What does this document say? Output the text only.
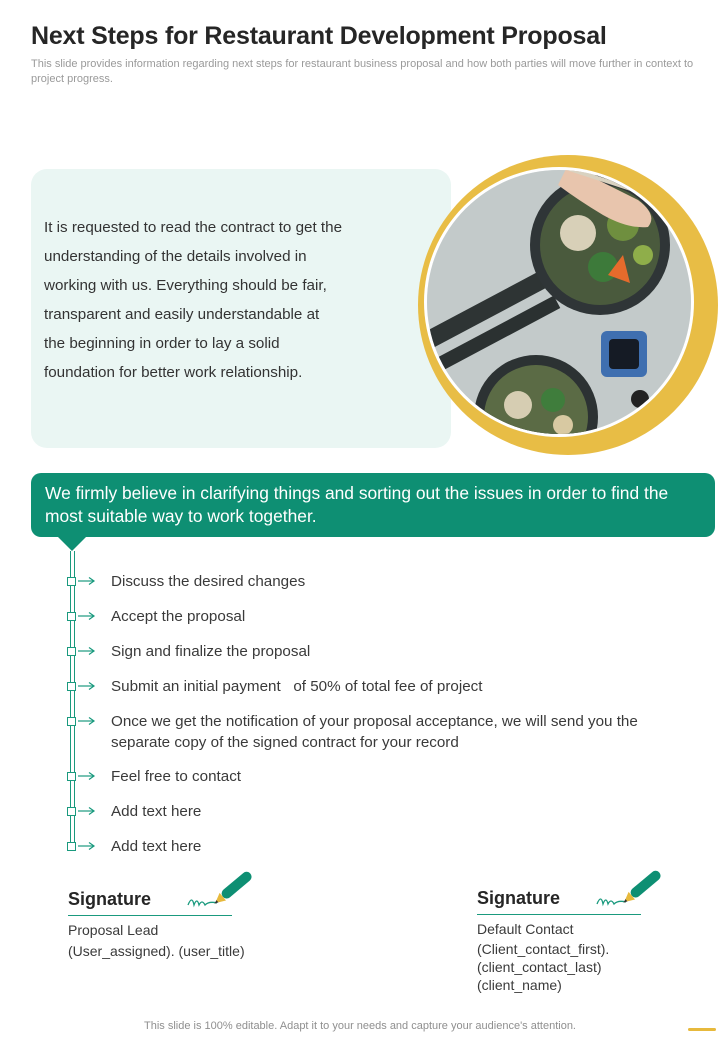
Next Steps for Restaurant Development Proposal

This slide provides information regarding next steps for restaurant business proposal and how both parties will move further in context to project progress.

It is requested to read the contract to get the understanding of the details involved in working with us. Everything should be fair, transparent and easily understandable at the beginning in order to lay a solid foundation for better work relationship.

We firmly believe in clarifying things and sorting out the issues in order to find the most suitable way to work together.

Discuss the desired changes

Accept the proposal

Sign and finalize the proposal

Submit an initial payment   of 50% of total fee of project

Once we get the notification of your proposal acceptance, we will send you the separate copy of the signed contract for your record

Feel free to contact

Add text here

Add text here

Signature

Proposal Lead

(User_assigned). (user_title)

Signature

Default Contact

(Client_contact_first). (client_contact_last) (client_name)

This slide is 100% editable. Adapt it to your needs and capture your audience's attention.
